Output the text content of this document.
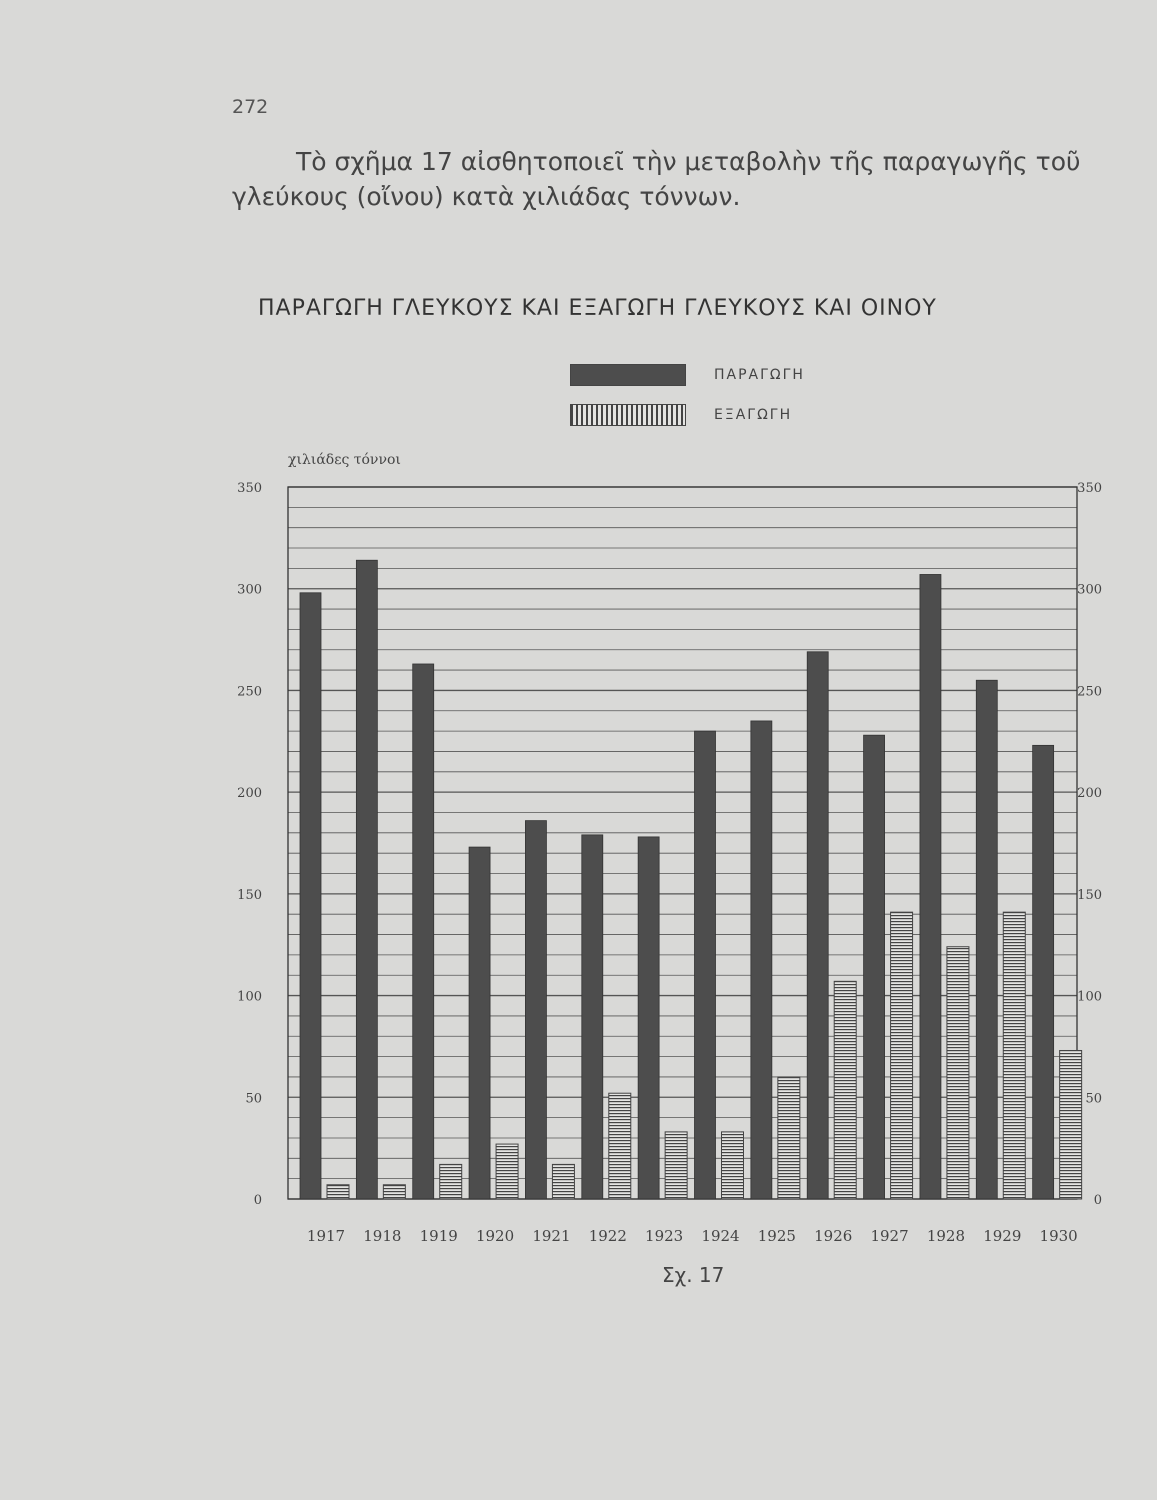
272

Τὸ σχῆμα 17 αἰσθητοποιεῖ τὴν μεταβολὴν τῆς παραγωγῆς τοῦ γλεύκους (οἴνου) κατὰ χιλιάδας τόννων.

ΠΑΡΑΓΩΓΗ ΓΛΕΥΚΟΥΣ ΚΑΙ ΕΞΑΓΩΓΗ ΓΛΕΥΚΟΥΣ ΚΑΙ ΟΙΝΟΥ
ΠΑΡΑΓΩΓΗ
ΕΞΑΓΩΓΗ
χιλιάδες τόννοι
0
50
100
150
200
250
300
350
0
50
100
150
200
250
300
350
1917 1918 1919 1920 1921 1922 1923 1924 1925 1926 1927 1928 1929 1930
Σχ. 17
